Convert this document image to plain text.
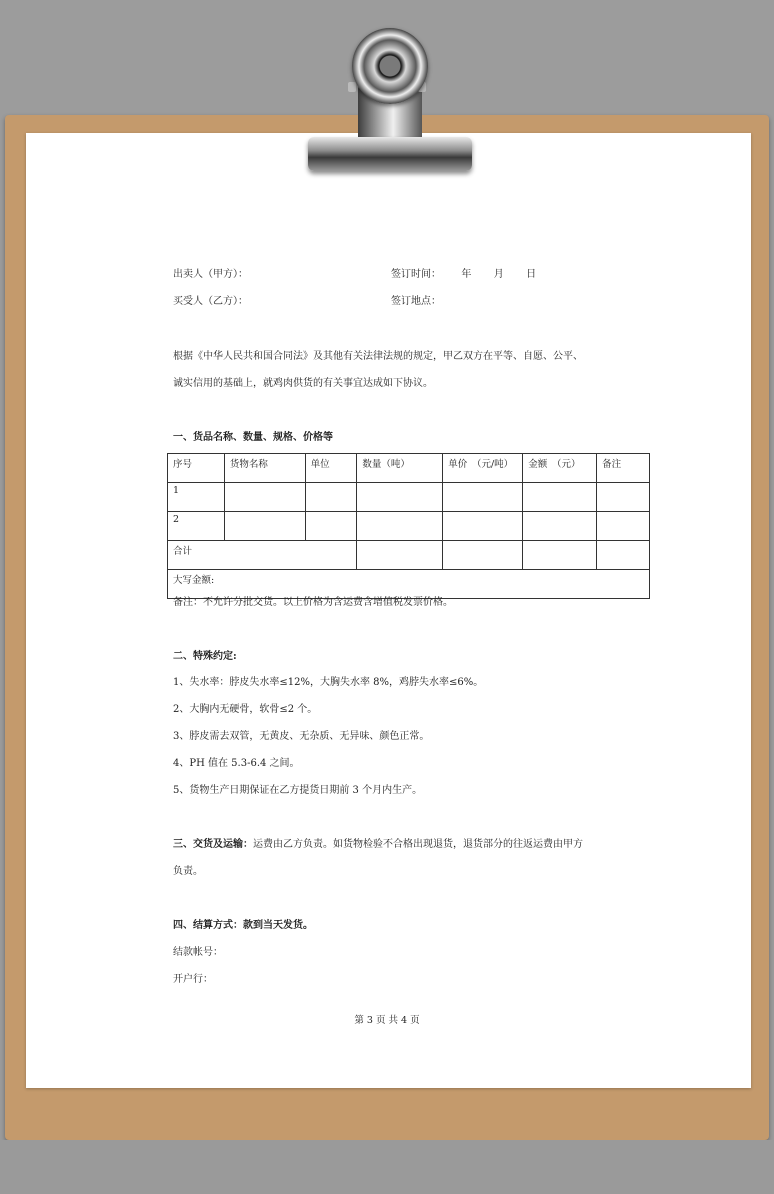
出卖人（甲方）：	签订时间： 年 月 日
买受人（乙方）：	签订地点：
根据《中华人民共和国合同法》及其他有关法律法规的规定，甲乙双方在平等、自愿、公平、
诚实信用的基础上，就鸡肉供货的有关事宜达成如下协议。
一、货品名称、数量、规格、价格等
序号	货物名称	单位	数量（吨）	单价　（元/吨）	金额　（元）	备注
1						
2						
合计						
大写金额:						
备注：不允许分批交货。以上价格为含运费含增值税发票价格。
二、特殊约定:
1、失水率：脖皮失水率≤12%，大胸失水率 8%，鸡脖失水率≤6%。
2、大胸内无硬骨，软骨≤2 个。
3、脖皮需去双管，无黄皮、无杂质、无异味、颜色正常。
4、PH 值在 5.3-6.4 之间。
5、货物生产日期保证在乙方提货日期前 3 个月内生产。
三、交货及运输：运费由乙方负责。如货物检验不合格出现退货，退货部分的往返运费由甲方
负责。
四、结算方式：款到当天发货。
结款帐号：
开户行：
第 3 页 共 4 页
